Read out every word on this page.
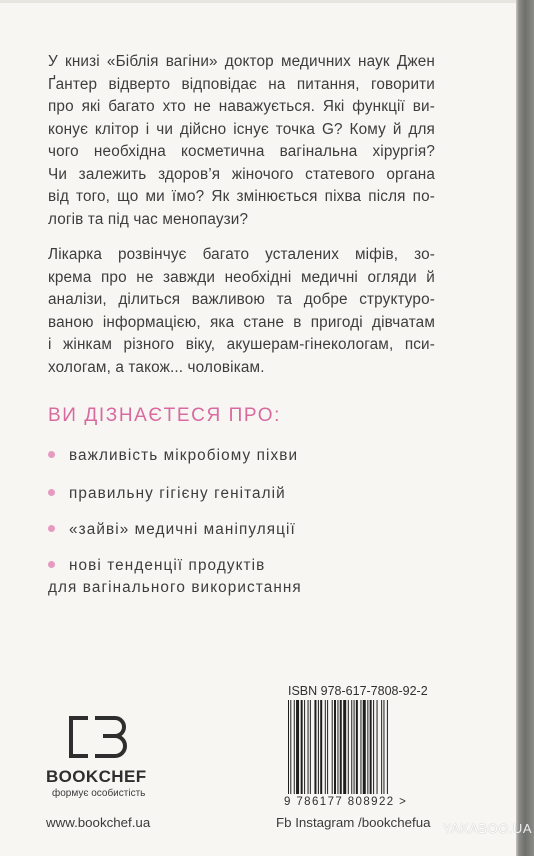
У книзі «Біблія вагіни» доктор медичних наук Джен
Ґантер відверто відповідає на питання, говорити
про які багато хто не наважується. Які функції ви-
конує клітор і чи дійсно існує точка G? Кому й для
чого необхідна косметична вагінальна хірургія?
Чи залежить здоров’я жіночого статевого органа
від того, що ми їмо? Як змінюється піхва після по-
логів та під час менопаузи?

Лікарка розвінчує багато усталених міфів, зо-
крема про не завжди необхідні медичні огляди й
аналізи, ділиться важливою та добре структуро-
ваною інформацією, яка стане в пригоді дівчатам
і жінкам різного віку, акушерам-гінекологам, пси-
хологам, а також... чоловікам.

ВИ ДІЗНАЄТЕСЯ ПРО:
важливість мікробіому піхви
правильну гігієну геніталій
«зайві» медичні маніпуляції
нові тенденції продуктів
для вагінального використання
BOOKCHEF
формує особистість
ISBN 978-617-7808-92-2
9 786177 808922 >
www.bookchef.ua	Fb Instagram /bookchefua YAKABOO.UA
